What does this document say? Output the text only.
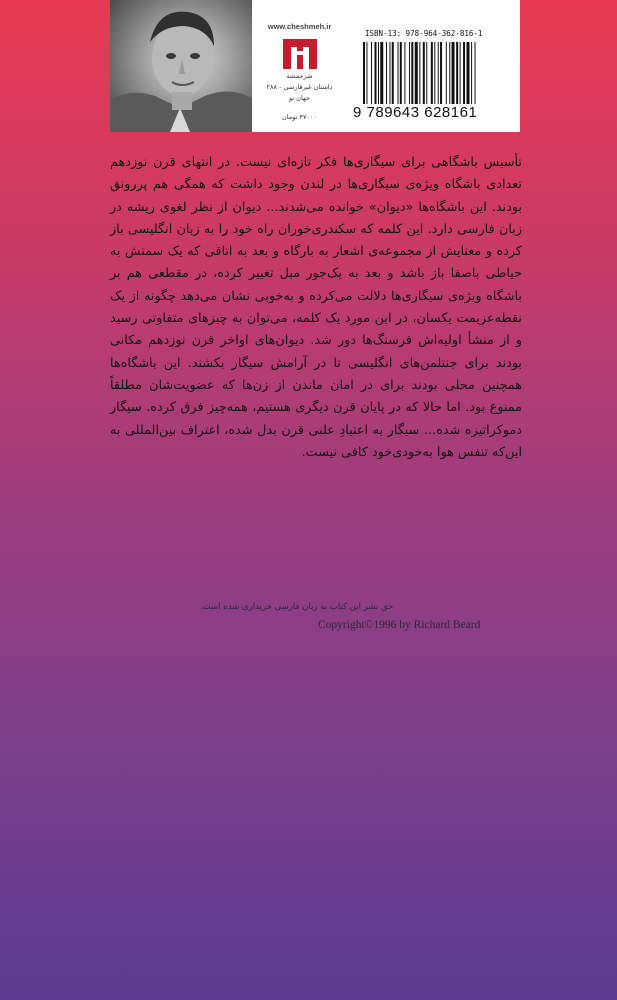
www.cheshmeh.ir
شرجمشه
داستان غیرفارسی - ۲۸۸
جهان نو
۴۷۰۰۰ تومان
ISBN-13: 978-964-362-816-1
9 789643 628161
تأسیس باشگاهی برای سیگاری‌ها فکر تازه‌ای نیست. در انتهای قرن نوزدهم تعدادی باشگاه ویژه‌ی سیگاری‌ها در لندن وجود داشت که همگی هم پررونق بودند. این باشگاه‌ها «دیوان» خوانده می‌شدند... دیوان از نظر لغوی ریشه در زبان فارسی دارد. این کلمه که سکندری‌خوران راه خود را به زبان انگلیسی باز کرده و معنایش از مجموعه‌ی اشعار به بارگاه و بعد به اتاقی که یک سمتش به حیاطی باصفا باز باشد و بعد به یک‌جور مبل تغییر کرده، در مقطعی هم بر باشگاه ویژه‌ی سیگاری‌ها دلالت می‌کرده و به‌خوبی نشان می‌دهد چگونه از یک نقطه‌عزیمت یکسان، در این مورد یک کلمه، می‌توان به چیزهای متفاوتی رسید و از منشأ اولیه‌اش فرسنگ‌ها دور شد. دیوان‌های اواخر قرن نوزدهم مکانی بودند برای جنتلمن‌های انگلیسی تا در آرامش سیگار بکشند. این باشگاه‌ها همچنین محلی بودند برای در امان ماندن از زن‌ها که عضویت‌شان مطلقاً ممنوع بود. اما حالا که در پایان قرن دیگری هستیم، همه‌چیز فرق کرده. سیگار دموکراتیزه شده... سیگار به اعتیادِ علنی قرن بدل شده، اعتراف بین‌المللی به این‌که تنفس هوا به‌خودی‌خود کافی نیست.
حق نشر این کتاب به زبان فارسی خریداری شده است.
Copyright©1996 by Richard Beard
